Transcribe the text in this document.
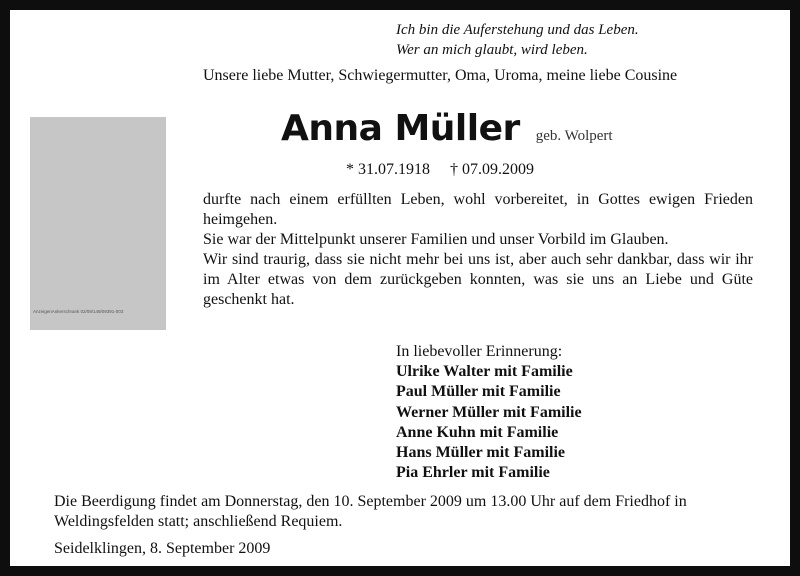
Ich bin die Auferstehung und das Leben.
Wer an mich glaubt, wird leben.
Unsere liebe Mutter, Schwiegermutter, Oma, Uroma, meine liebe Cousine
AnzeigenAnkerschrank 02/09/149/09391-003
Anna Müller geb. Wolpert
* 31.07.1918 † 07.09.2009

durfte nach einem erfüllten Leben, wohl vorbereitet, in Gottes ewigen Frieden heimgehen.

Sie war der Mittelpunkt unserer Familien und unser Vorbild im Glauben.

Wir sind traurig, dass sie nicht mehr bei uns ist, aber auch sehr dankbar, dass wir ihr im Alter etwas von dem zurückgeben konnten, was sie uns an Liebe und Güte geschenkt hat.

In liebevoller Erinnerung:

Ulrike Walter mit Familie

Paul Müller mit Familie

Werner Müller mit Familie

Anne Kuhn mit Familie

Hans Müller mit Familie

Pia Ehrler mit Familie

Die Beerdigung findet am Donnerstag, den 10. September 2009 um 13.00 Uhr auf dem Friedhof in Weldingsfelden statt; anschließend Requiem.
Seidelklingen, 8. September 2009
